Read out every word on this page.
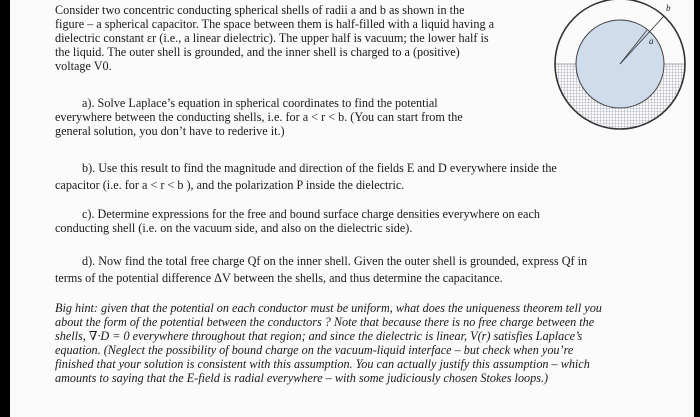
Consider two concentric conducting spherical shells of radii a and b as shown in the

figure – a spherical capacitor. The space between them is half-filled with a liquid having a

dielectric constant εr (i.e., a linear dielectric). The upper half is vacuum; the lower half is

the liquid. The outer shell is grounded, and the inner shell is charged to a (positive)

voltage V0.

a). Solve Laplace’s equation in spherical coordinates to find the potential

everywhere between the conducting shells, i.e. for a < r < b. (You can start from the

general solution, you don’t have to rederive it.)

b). Use this result to find the magnitude and direction of the fields E and D everywhere inside the

capacitor (i.e. for a < r < b ), and the polarization P inside the dielectric.

c). Determine expressions for the free and bound surface charge densities everywhere on each

conducting shell (i.e. on the vacuum side, and also on the dielectric side).

d). Now find the total free charge Qf on the inner shell. Given the outer shell is grounded, express Qf in

terms of the potential difference ΔV between the shells, and thus determine the capacitance.

Big hint: given that the potential on each conductor must be uniform, what does the uniqueness theorem tell you

about the form of the potential between the conductors ? Note that because there is no free charge between the

shells, ∇·D = 0 everywhere throughout that region; and since the dielectric is linear, V(r) satisfies Laplace’s

equation. (Neglect the possibility of bound charge on the vacuum-liquid interface – but check when you’re

finished that your solution is consistent with this assumption. You can actually justify this assumption – which

amounts to saying that the E-field is radial everywhere – with some judiciously chosen Stokes loops.)

a
b
